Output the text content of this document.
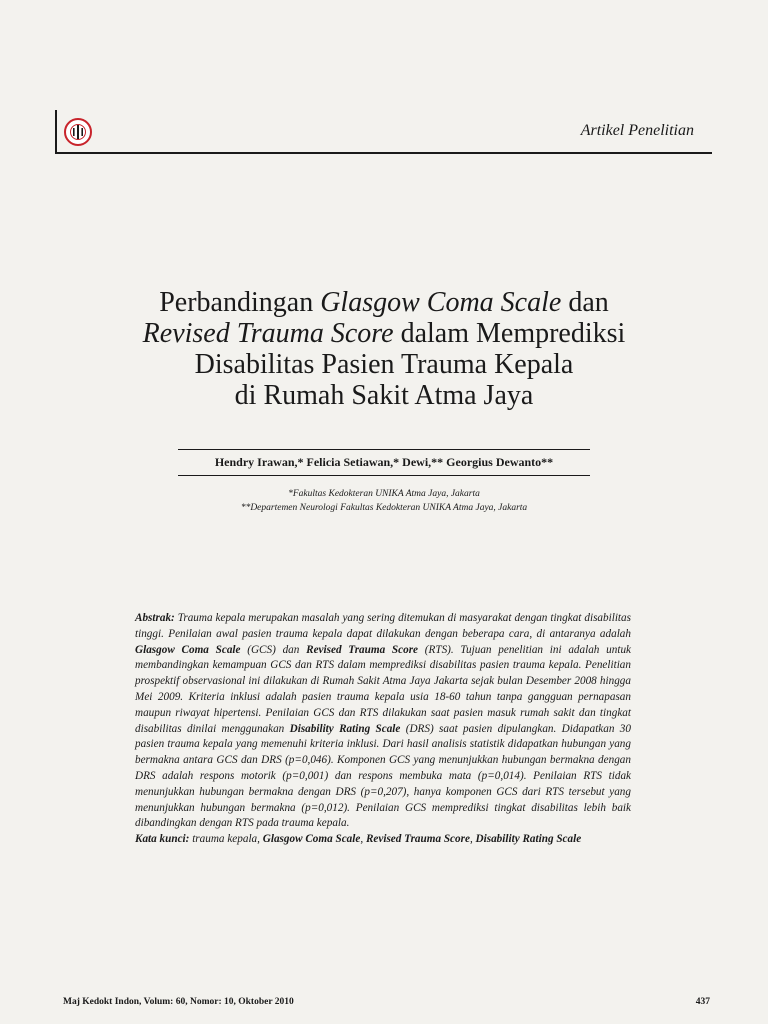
Artikel Penelitian
Perbandingan Glasgow Coma Scale dan
Revised Trauma Score dalam Memprediksi
Disabilitas Pasien Trauma Kepala
di Rumah Sakit Atma Jaya
Hendry Irawan,* Felicia Setiawan,* Dewi,** Georgius Dewanto**
*Fakultas Kedokteran UNIKA Atma Jaya, Jakarta
**Departemen Neurologi Fakultas Kedokteran UNIKA Atma Jaya, Jakarta
Abstrak: Trauma kepala merupakan masalah yang sering ditemukan di masyarakat dengan tingkat disabilitas tinggi. Penilaian awal pasien trauma kepala dapat dilakukan dengan beberapa cara, di antaranya adalah Glasgow Coma Scale (GCS) dan Revised Trauma Score (RTS). Tujuan penelitian ini adalah untuk membandingkan kemampuan GCS dan RTS dalam memprediksi disabilitas pasien trauma kepala. Penelitian prospektif observasional ini dilakukan di Rumah Sakit Atma Jaya Jakarta sejak bulan Desember 2008 hingga Mei 2009. Kriteria inklusi adalah pasien trauma kepala usia 18-60 tahun tanpa gangguan pernapasan maupun riwayat hipertensi. Penilaian GCS dan RTS dilakukan saat pasien masuk rumah sakit dan tingkat disabilitas dinilai menggunakan Disability Rating Scale (DRS) saat pasien dipulangkan. Didapatkan 30 pasien trauma kepala yang memenuhi kriteria inklusi. Dari hasil analisis statistik didapatkan hubungan yang bermakna antara GCS dan DRS (p=0,046). Komponen GCS yang menunjukkan hubungan bermakna dengan DRS adalah respons motorik (p=0,001) dan respons membuka mata (p=0,014). Penilaian RTS tidak menunjukkan hubungan bermakna dengan DRS (p=0,207), hanya komponen GCS dari RTS tersebut yang menunjukkan hubungan bermakna (p=0,012). Penilaian GCS memprediksi tingkat disabilitas lebih baik dibandingkan dengan RTS pada trauma kepala.
Kata kunci: trauma kepala, Glasgow Coma Scale, Revised Trauma Score, Disability Rating Scale
Maj Kedokt Indon, Volum: 60, Nomor: 10, Oktober 2010	437
